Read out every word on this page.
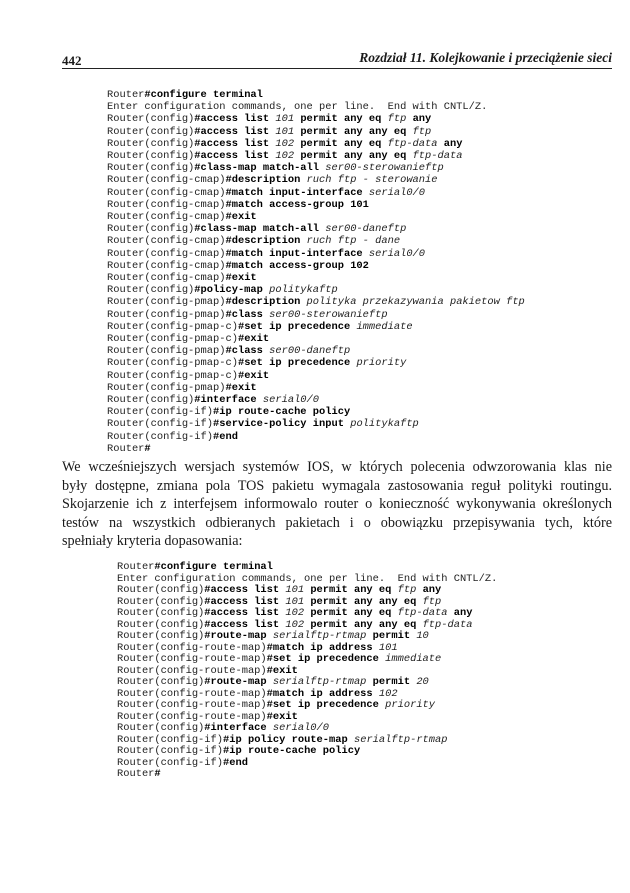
442	Rozdział 11. Kolejkowanie i przeciążenie sieci
Router#configure terminal
Enter configuration commands, one per line.  End with CNTL/Z.
Router(config)#access list 101 permit any eq ftp any
Router(config)#access list 101 permit any any eq ftp
Router(config)#access list 102 permit any eq ftp-data any
Router(config)#access list 102 permit any any eq ftp-data
Router(config)#class-map match-all ser00-sterowanieftp
Router(config-cmap)#description ruch ftp - sterowanie
Router(config-cmap)#match input-interface serial0/0
Router(config-cmap)#match access-group 101
Router(config-cmap)#exit
Router(config)#class-map match-all ser00-daneftp
Router(config-cmap)#description ruch ftp - dane
Router(config-cmap)#match input-interface serial0/0
Router(config-cmap)#match access-group 102
Router(config-cmap)#exit
Router(config)#policy-map politykaftp
Router(config-pmap)#description polityka przekazywania pakietow ftp
Router(config-pmap)#class ser00-sterowanieftp
Router(config-pmap-c)#set ip precedence immediate
Router(config-pmap-c)#exit
Router(config-pmap)#class ser00-daneftp
Router(config-pmap-c)#set ip precedence priority
Router(config-pmap-c)#exit
Router(config-pmap)#exit
Router(config)#interface serial0/0
Router(config-if)#ip route-cache policy
Router(config-if)#service-policy input politykaftp
Router(config-if)#end
Router#
We wcześniejszych wersjach systemów IOS, w których polecenia odwzorowania klas nie
były dostępne, zmiana pola TOS pakietu wymagala zastosowania reguł polityki routingu.
Skojarzenie ich z interfejsem informowalo router o konieczność wykonywania określonych
testów na wszystkich odbieranych pakietach i o obowiązku przepisywania tych, które
spełniały kryteria dopasowania:
Router#configure terminal
Enter configuration commands, one per line.  End with CNTL/Z.
Router(config)#access list 101 permit any eq ftp any
Router(config)#access list 101 permit any any eq ftp
Router(config)#access list 102 permit any eq ftp-data any
Router(config)#access list 102 permit any any eq ftp-data
Router(config)#route-map serialftp-rtmap permit 10
Router(config-route-map)#match ip address 101
Router(config-route-map)#set ip precedence immediate
Router(config-route-map)#exit
Router(config)#route-map serialftp-rtmap permit 20
Router(config-route-map)#match ip address 102
Router(config-route-map)#set ip precedence priority
Router(config-route-map)#exit
Router(config)#interface serial0/0
Router(config-if)#ip policy route-map serialftp-rtmap
Router(config-if)#ip route-cache policy
Router(config-if)#end
Router#
